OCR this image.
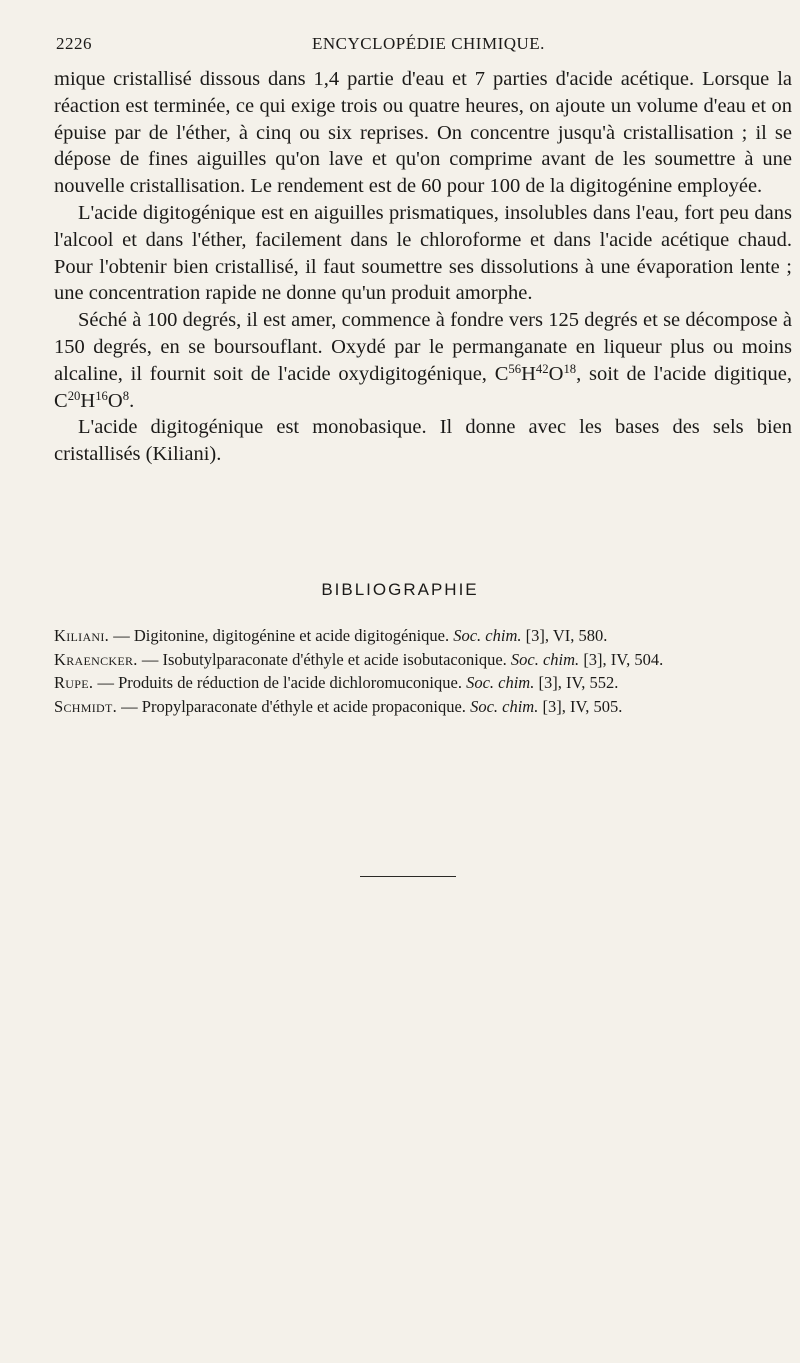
2226	ENCYCLOPÉDIE CHIMIQUE.

mique cristallisé dissous dans 1,4 partie d'eau et 7 parties d'acide acétique. Lorsque la réaction est terminée, ce qui exige trois ou quatre heures, on ajoute un volume d'eau et on épuise par de l'éther, à cinq ou six reprises. On concentre jusqu'à cristallisation ; il se dépose de fines aiguilles qu'on lave et qu'on comprime avant de les soumettre à une nouvelle cristallisation. Le rendement est de 60 pour 100 de la digitogénine employée.

L'acide digitogénique est en aiguilles prismatiques, insolubles dans l'eau, fort peu dans l'alcool et dans l'éther, facilement dans le chloroforme et dans l'acide acétique chaud. Pour l'obtenir bien cristallisé, il faut soumettre ses dissolutions à une évaporation lente ; une concentration rapide ne donne qu'un produit amorphe.

Séché à 100 degrés, il est amer, commence à fondre vers 125 degrés et se décompose à 150 degrés, en se boursouflant. Oxydé par le permanganate en liqueur plus ou moins alcaline, il fournit soit de l'acide oxydigitogénique, $C^{56}H^{42}O^{18}$, soit de l'acide digitique, $C^{20}H^{16}O^8$.

L'acide digitogénique est monobasique. Il donne avec les bases des sels bien cristallisés (Kiliani).

BIBLIOGRAPHIE
Kiliani. — Digitonine, digitogénine et acide digitogénique. Soc. chim. [3], VI, 580.
Kraencker. — Isobutylparaconate d'éthyle et acide isobutaconique. Soc. chim. [3], IV, 504.
Rupe. — Produits de réduction de l'acide dichloromuconique. Soc. chim. [3], IV, 552.
Schmidt. — Propylparaconate d'éthyle et acide propaconique. Soc. chim. [3], IV, 505.
